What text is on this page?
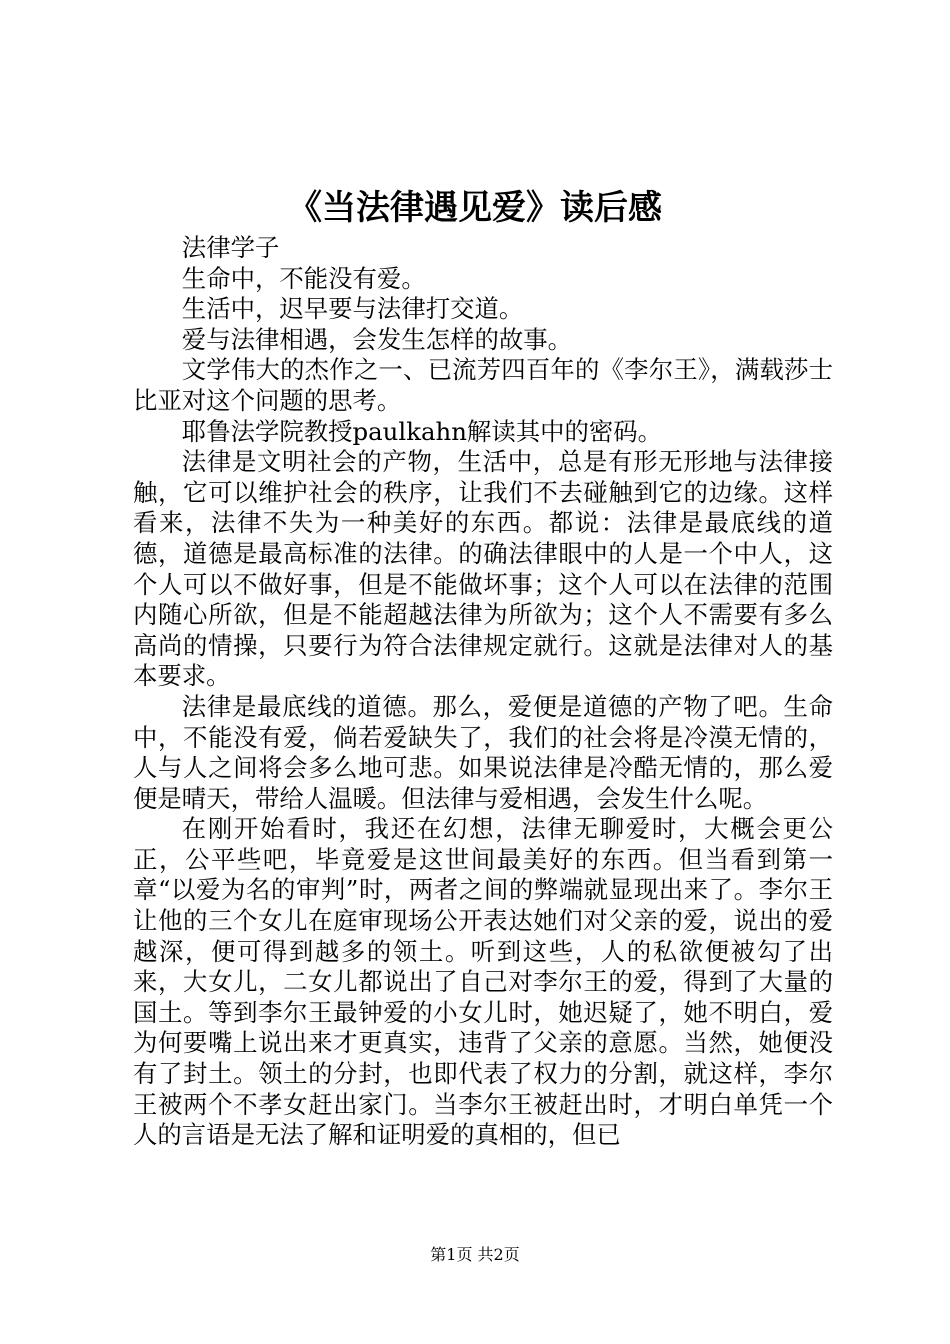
《当法律遇见爱》读后感

法律学子

生命中，不能没有爱。

生活中，迟早要与法律打交道。

爱与法律相遇，会发生怎样的故事。

文学伟大的杰作之一、已流芳四百年的《李尔王》，满载莎士比亚对这个问题的思考。

耶鲁法学院教授paulkahn解读其中的密码。

法律是文明社会的产物，生活中，总是有形无形地与法律接触，它可以维护社会的秩序，让我们不去碰触到它的边缘。这样看来，法律不失为一种美好的东西。都说：法律是最底线的道德，道德是最高标准的法律。的确法律眼中的人是一个中人，这个人可以不做好事，但是不能做坏事；这个人可以在法律的范围内随心所欲，但是不能超越法律为所欲为；这个人不需要有多么高尚的情操，只要行为符合法律规定就行。这就是法律对人的基本要求。

法律是最底线的道德。那么，爱便是道德的产物了吧。生命中，不能没有爱，倘若爱缺失了，我们的社会将是冷漠无情的，人与人之间将会多么地可悲。如果说法律是冷酷无情的，那么爱便是晴天，带给人温暖。但法律与爱相遇，会发生什么呢。

在刚开始看时，我还在幻想，法律无聊爱时，大概会更公正，公平些吧，毕竟爱是这世间最美好的东西。但当看到第一章“以爱为名的审判”时，两者之间的弊端就显现出来了。李尔王让他的三个女儿在庭审现场公开表达她们对父亲的爱，说出的爱越深，便可得到越多的领土。听到这些，人的私欲便被勾了出来，大女儿，二女儿都说出了自己对李尔王的爱，得到了大量的国土。等到李尔王最钟爱的小女儿时，她迟疑了，她不明白，爱为何要嘴上说出来才更真实，违背了父亲的意愿。当然，她便没有了封土。领土的分封，也即代表了权力的分割，就这样，李尔王被两个不孝女赶出家门。当李尔王被赶出时，才明白单凭一个人的言语是无法了解和证明爱的真相的，但已

第1页 共2页
